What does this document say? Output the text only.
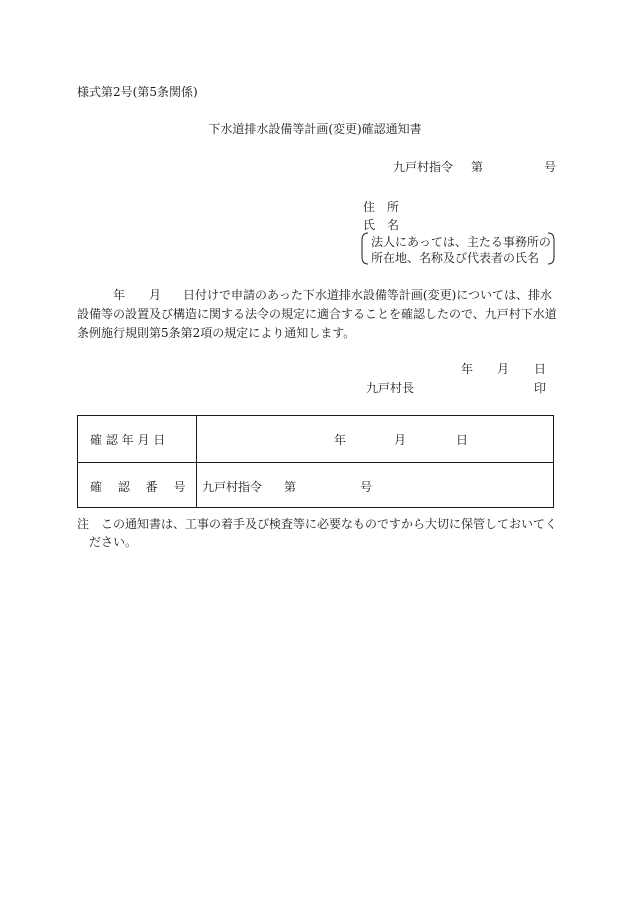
様式第2号(第5条関係)
下水道排水設備等計画(変更)確認通知書
九戸村指令 第	号
住　所
氏　名
法人にあっては、主たる事務所の
所在地、名称及び代表者の氏名
年 月 日付けで申請のあった下水道排水設備等計画(変更)については、排水
設備等の設置及び構造に関する法令の規定に適合することを確認したので、九戸村下水道
条例施行規則第5条第2項の規定により通知します。
年 月 日
九戸村長	印
確 認 年 月 日	年	月	日
確　 認　 番　 号 九戸村指令 第	号
注　この通知書は、工事の着手及び検査等に必要なものですから大切に保管しておいてく
　ださい。
